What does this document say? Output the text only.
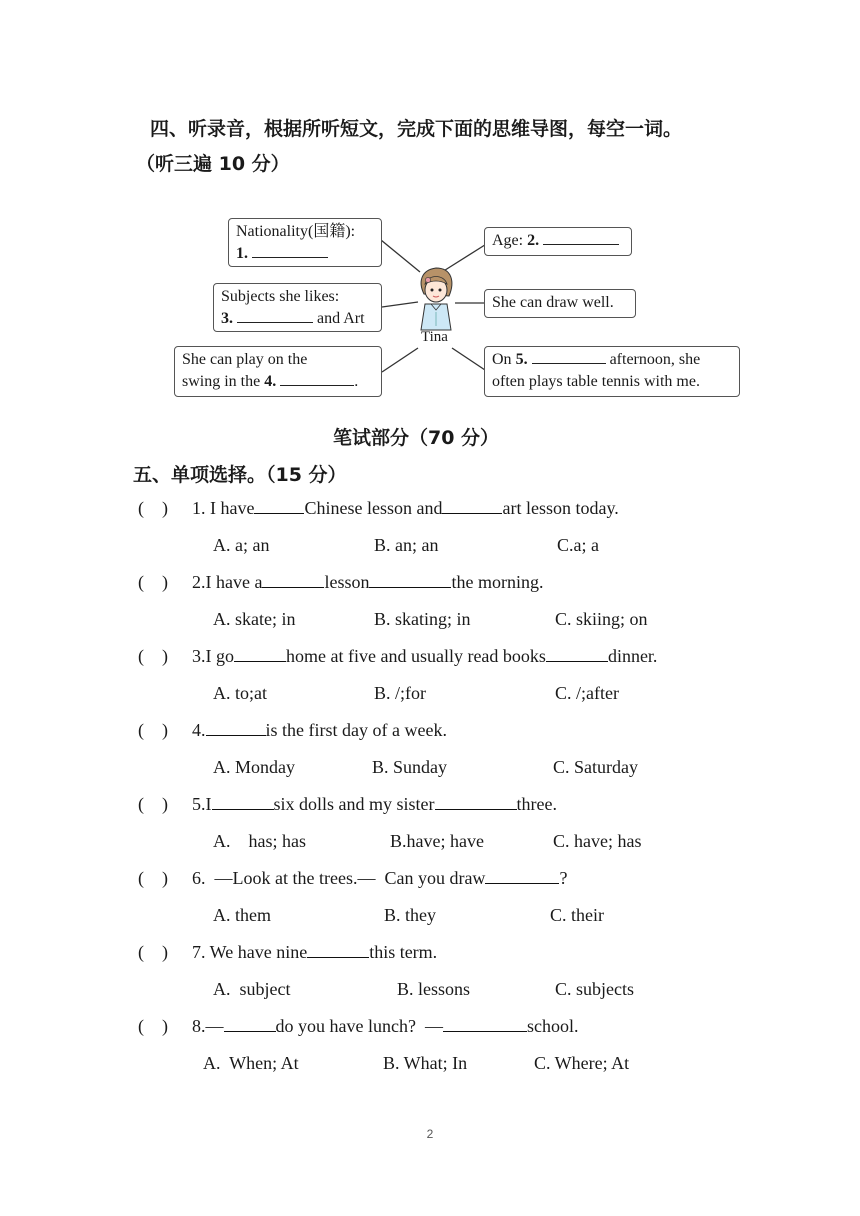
四、听录音，根据所听短文，完成下面的思维导图，每空一词。
（听三遍 10 分）
Tina
Nationality(国籍):
1.
Age: 2.
Subjects she likes:
3.	and Art
She can draw well.
She can play on the
swing in the 4.	.
On 5.	afternoon, she
often plays table tennis with me.
笔试部分（70 分）
五、单项选择。（15 分）
(    ) 1. I have	Chinese lesson and	art lesson today.
A. a; an	B. an; an	C.a; a
(    ) 2.I have a	lesson	the morning.
A. skate; in	B. skating; in	C. skiing; on
(    ) 3.I go	home at five and usually read books	dinner.
A. to;at	B. /;for	C. /;after
(    ) 4.	is the first day of a week.
A. Monday	B. Sunday	C. Saturday
(    ) 5.I	six dolls and my sister	three.
A.    has; has	B.have; have	C. have; has
(    ) 6.  —Look at the trees.—  Can you draw	?
A. them	B. they	C. their
(    ) 7. We have nine	this term.
A.  subject	B. lessons	C. subjects
(    ) 8.—	do you have lunch?  —	school.
A.  When; At	B. What; In	C. Where; At
2
